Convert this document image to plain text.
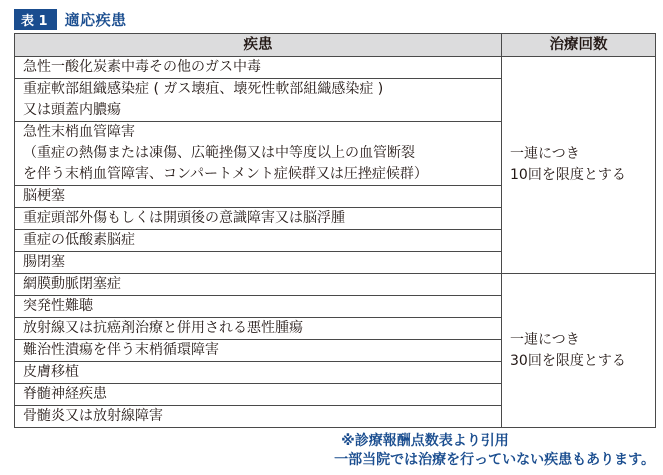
表 1	適応疾患
疾患	治療回数

急性一酸化炭素中毒その他のガス中毒	一連につき
10回を限度とする

重症軟部組織感染症 ( ガス壊疽、壊死性軟部組織感染症 )
又は頭蓋内膿瘍	

急性末梢血管障害
（重症の熱傷または凍傷、広範挫傷又は中等度以上の血管断裂
を伴う末梢血管障害、コンパートメント症候群又は圧挫症候群）	

脳梗塞	

重症頭部外傷もしくは開頭後の意識障害又は脳浮腫	

重症の低酸素脳症	

腸閉塞	

網膜動脈閉塞症	一連につき
30回を限度とする

突発性難聴	

放射線又は抗癌剤治療と併用される悪性腫瘍	

難治性潰瘍を伴う末梢循環障害	

皮膚移植	

脊髄神経疾患	

骨髄炎又は放射線障害	
※診療報酬点数表より引用
一部当院では治療を行っていない疾患もあります。
